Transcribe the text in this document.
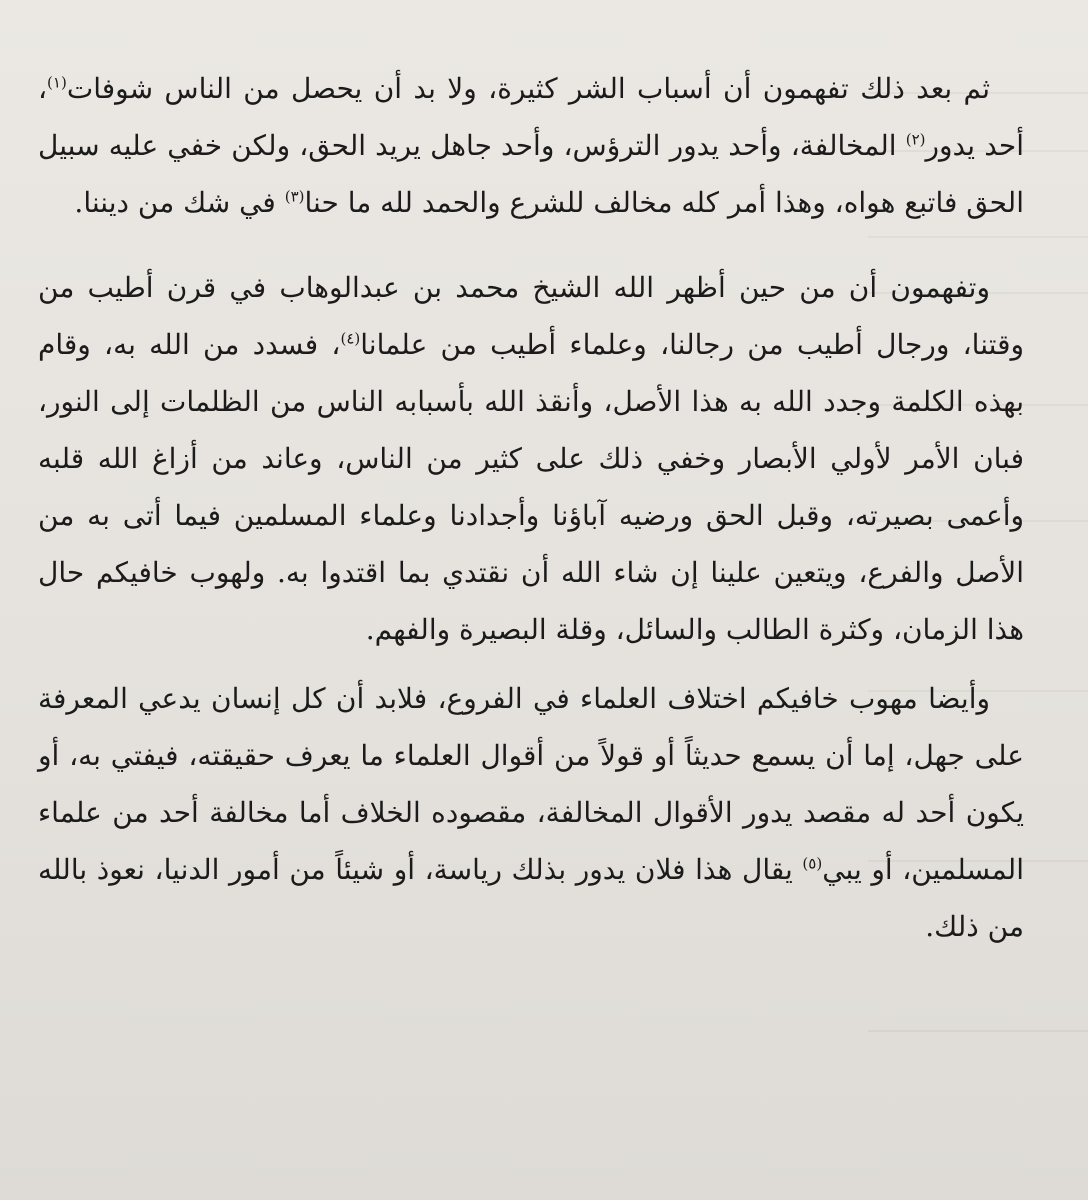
ثم بعد ذلك تفهمون أن أسباب الشر كثيرة، ولا بد أن يحصل من الناس شوفات$^{(١)}$، أحد يدور$^{(٢)}$ المخالفة، وأحد يدور الترؤس، وأحد جاهل يريد الحق، ولكن خفي عليه سبيل الحق فاتبع هواه، وهذا أمر كله مخالف للشرع والحمد لله ما حنا$^{(٣)}$ في شك من ديننا.

وتفهمون أن من حين أظهر الله الشيخ محمد بن عبدالوهاب في قرن أطيب من وقتنا، ورجال أطيب من رجالنا، وعلماء أطيب من علمانا$^{(٤)}$، فسدد من الله به، وقام بهذه الكلمة وجدد الله به هذا الأصل، وأنقذ الله بأسبابه الناس من الظلمات إلى النور، فبان الأمر لأولي الأبصار وخفي ذلك على كثير من الناس، وعاند من أزاغ الله قلبه وأعمى بصيرته، وقبل الحق ورضيه آباؤنا وأجدادنا وعلماء المسلمين فيما أتى به من الأصل والفرع، ويتعين علينا إن شاء الله أن نقتدي بما اقتدوا به. ولهوب خافيكم حال هذا الزمان، وكثرة الطالب والسائل، وقلة البصيرة والفهم.

وأيضا مهوب خافيكم اختلاف العلماء في الفروع، فلابد أن كل إنسان يدعي المعرفة على جهل، إما أن يسمع حديثاً أو قولاً من أقوال العلماء ما يعرف حقيقته، فيفتي به، أو يكون أحد له مقصد يدور الأقوال المخالفة، مقصوده الخلاف أما مخالفة أحد من علماء المسلمين، أو يبي$^{(٥)}$ يقال هذا فلان يدور بذلك رياسة، أو شيئاً من أمور الدنيا، نعوذ بالله من ذلك.
